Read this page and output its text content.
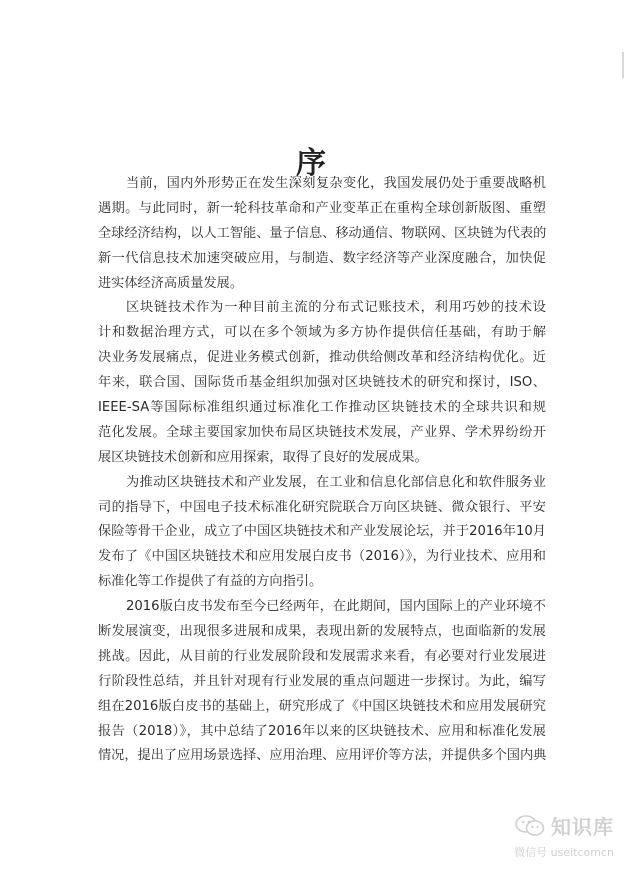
序
当前，国内外形势正在发生深刻复杂变化，我国发展仍处于重要战略机
遇期。与此同时，新一轮科技革命和产业变革正在重构全球创新版图、重塑
全球经济结构，以人工智能、量子信息、移动通信、物联网、区块链为代表的
新一代信息技术加速突破应用，与制造、数字经济等产业深度融合，加快促
进实体经济高质量发展。
区块链技术作为一种目前主流的分布式记账技术，利用巧妙的技术设
计和数据治理方式，可以在多个领域为多方协作提供信任基础，有助于解
决业务发展痛点，促进业务模式创新，推动供给侧改革和经济结构优化。近
年来，联合国、国际货币基金组织加强对区块链技术的研究和探讨，ISO、
IEEE-SA等国际标准组织通过标准化工作推动区块链技术的全球共识和规
范化发展。全球主要国家加快布局区块链技术发展，产业界、学术界纷纷开
展区块链技术创新和应用探索，取得了良好的发展成果。
为推动区块链技术和产业发展，在工业和信息化部信息化和软件服务业
司的指导下，中国电子技术标准化研究院联合万向区块链、微众银行、平安
保险等骨干企业，成立了中国区块链技术和产业发展论坛，并于2016年10月
发布了《中国区块链技术和应用发展白皮书（2016）》，为行业技术、应用和
标准化等工作提供了有益的方向指引。
2016版白皮书发布至今已经两年，在此期间，国内国际上的产业环境不
断发展演变，出现很多进展和成果，表现出新的发展特点，也面临新的发展
挑战。因此，从目前的行业发展阶段和发展需求来看，有必要对行业发展进
行阶段性总结，并且针对现有行业发展的重点问题进一步探讨。为此，编写
组在2016版白皮书的基础上，研究形成了《中国区块链技术和应用发展研究
报告（2018）》，其中总结了2016年以来的区块链技术、应用和标准化发展
情况，提出了应用场景选择、应用治理、应用评价等方法，并提供多个国内典
知识库
微信号 useitcomcn
